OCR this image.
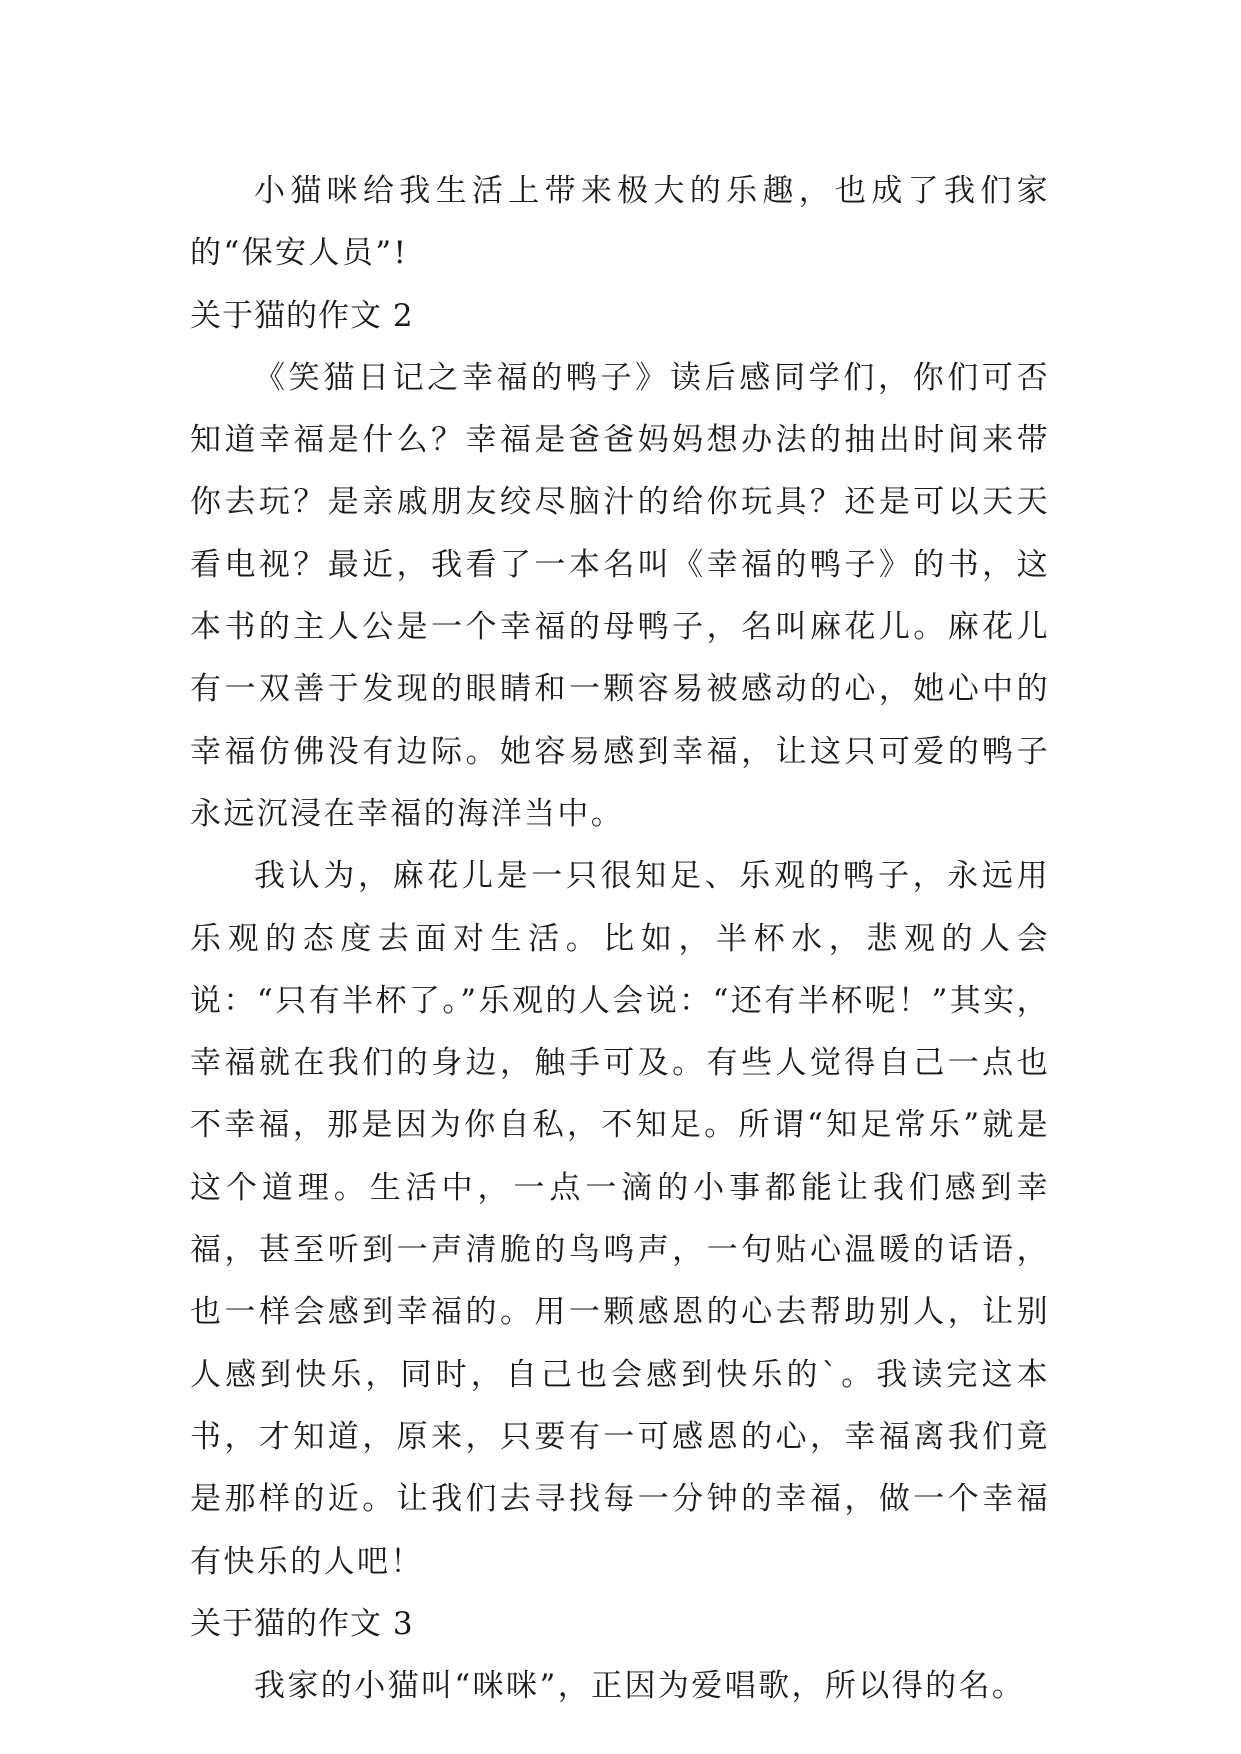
小猫咪给我生活上带来极大的乐趣，也成了我们家的“保安人员”!

关于猫的作文 2

《笑猫日记之幸福的鸭子》读后感同学们，你们可否知道幸福是什么？幸福是爸爸妈妈想办法的抽出时间来带你去玩？是亲戚朋友绞尽脑汁的给你玩具？还是可以天天看电视？最近，我看了一本名叫《幸福的鸭子》的书，这本书的主人公是一个幸福的母鸭子，名叫麻花儿。麻花儿有一双善于发现的眼睛和一颗容易被感动的心，她心中的幸福仿佛没有边际。她容易感到幸福，让这只可爱的鸭子永远沉浸在幸福的海洋当中。

我认为，麻花儿是一只很知足、乐观的鸭子，永远用乐观的态度去面对生活。比如，半杯水，悲观的人会说：“只有半杯了。”乐观的人会说：“还有半杯呢！”其实，幸福就在我们的身边，触手可及。有些人觉得自己一点也不幸福，那是因为你自私，不知足。所谓“知足常乐”就是这个道理。生活中，一点一滴的小事都能让我们感到幸福，甚至听到一声清脆的鸟鸣声，一句贴心温暖的话语，也一样会感到幸福的。用一颗感恩的心去帮助别人，让别人感到快乐，同时，自己也会感到快乐的`。我读完这本书，才知道，原来，只要有一可感恩的心，幸福离我们竟是那样的近。让我们去寻找每一分钟的幸福，做一个幸福有快乐的人吧！

关于猫的作文 3

我家的小猫叫“咪咪”，正因为爱唱歌，所以得的名。
